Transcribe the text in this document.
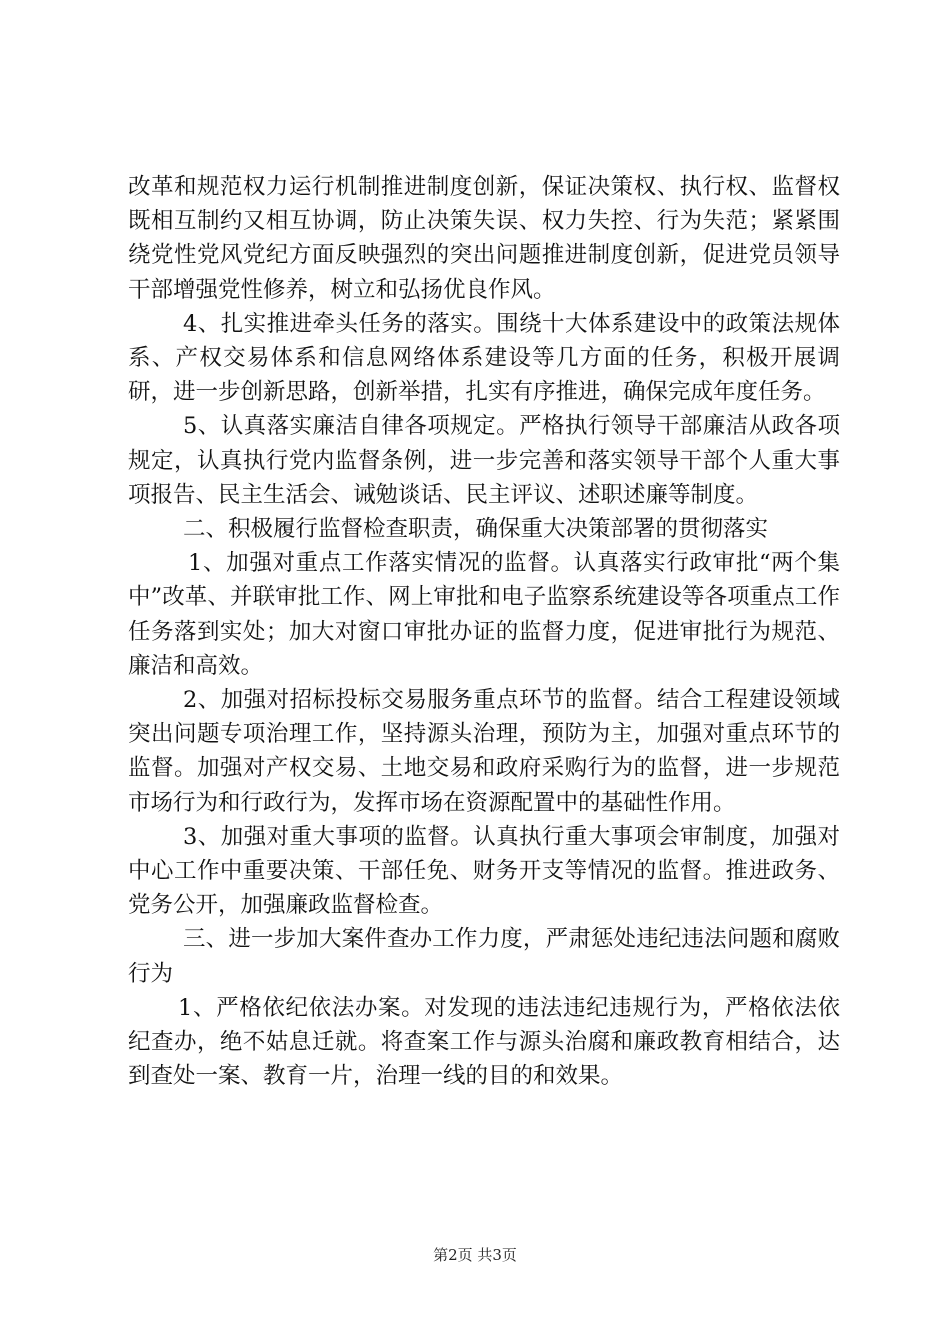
改革和规范权力运行机制推进制度创新，保证决策权、执行权、监督权既相互制约又相互协调，防止决策失误、权力失控、行为失范；紧紧围绕党性党风党纪方面反映强烈的突出问题推进制度创新，促进党员领导干部增强党性修养，树立和弘扬优良作风。

4、扎实推进牵头任务的落实。围绕十大体系建设中的政策法规体系、产权交易体系和信息网络体系建设等几方面的任务，积极开展调研，进一步创新思路，创新举措，扎实有序推进，确保完成年度任务。

5、认真落实廉洁自律各项规定。严格执行领导干部廉洁从政各项规定，认真执行党内监督条例，进一步完善和落实领导干部个人重大事项报告、民主生活会、诫勉谈话、民主评议、述职述廉等制度。

二、积极履行监督检查职责，确保重大决策部署的贯彻落实

1、加强对重点工作落实情况的监督。认真落实行政审批“两个集中”改革、并联审批工作、网上审批和电子监察系统建设等各项重点工作任务落到实处；加大对窗口审批办证的监督力度，促进审批行为规范、廉洁和高效。

2、加强对招标投标交易服务重点环节的监督。结合工程建设领域突出问题专项治理工作，坚持源头治理，预防为主，加强对重点环节的监督。加强对产权交易、土地交易和政府采购行为的监督，进一步规范市场行为和行政行为，发挥市场在资源配置中的基础性作用。

3、加强对重大事项的监督。认真执行重大事项会审制度，加强对中心工作中重要决策、干部任免、财务开支等情况的监督。推进政务、党务公开，加强廉政监督检查。

三、进一步加大案件查办工作力度，严肃惩处违纪违法问题和腐败行为

1、严格依纪依法办案。对发现的违法违纪违规行为，严格依法依纪查办，绝不姑息迁就。将查案工作与源头治腐和廉政教育相结合，达到查处一案、教育一片，治理一线的目的和效果。

第2页 共3页
